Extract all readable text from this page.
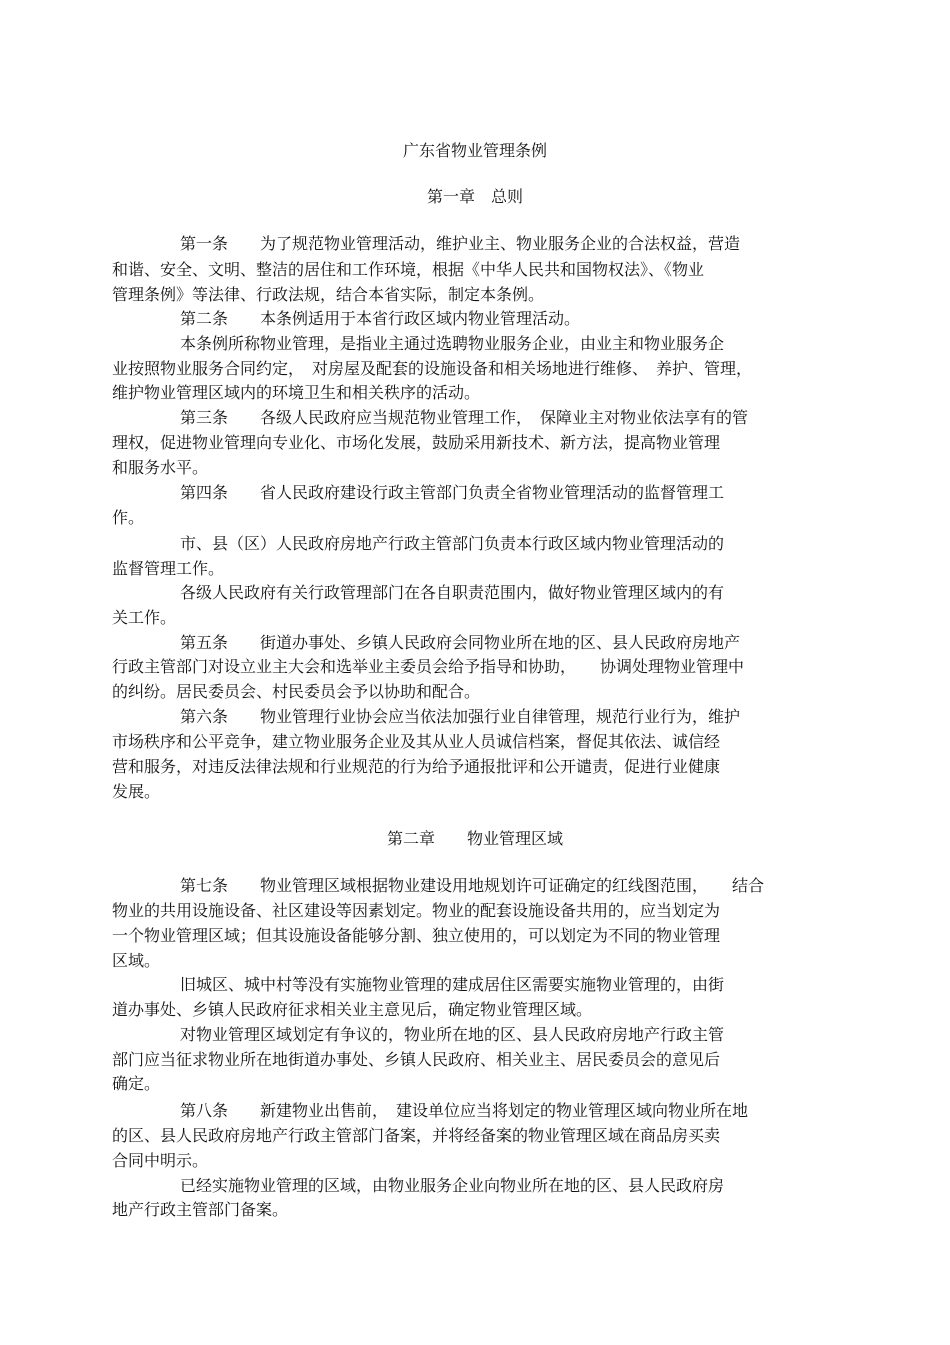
广东省物业管理条例
第一章　总则
第一条　　为了规范物业管理活动，维护业主、物业服务企业的合法权益，营造
和谐、安全、文明、整洁的居住和工作环境，根据《中华人民共和国物权法》、《物业
管理条例》等法律、行政法规，结合本省实际，制定本条例。
第二条　　本条例适用于本省行政区域内物业管理活动。
本条例所称物业管理，是指业主通过选聘物业服务企业，由业主和物业服务企
业按照物业服务合同约定，　对房屋及配套的设施设备和相关场地进行维修、　养护、管理，
维护物业管理区域内的环境卫生和相关秩序的活动。
第三条　　各级人民政府应当规范物业管理工作，　保障业主对物业依法享有的管
理权，促进物业管理向专业化、市场化发展，鼓励采用新技术、新方法，提高物业管理
和服务水平。
第四条　　省人民政府建设行政主管部门负责全省物业管理活动的监督管理工
作。
市、县（区）人民政府房地产行政主管部门负责本行政区域内物业管理活动的
监督管理工作。
各级人民政府有关行政管理部门在各自职责范围内，做好物业管理区域内的有
关工作。
第五条　　街道办事处、乡镇人民政府会同物业所在地的区、县人民政府房地产
行政主管部门对设立业主大会和选举业主委员会给予指导和协助，　　协调处理物业管理中
的纠纷。居民委员会、村民委员会予以协助和配合。
第六条　　物业管理行业协会应当依法加强行业自律管理，规范行业行为，维护
市场秩序和公平竞争，建立物业服务企业及其从业人员诚信档案，督促其依法、诚信经
营和服务，对违反法律法规和行业规范的行为给予通报批评和公开谴责，促进行业健康
发展。
第二章　　物业管理区域
第七条　　物业管理区域根据物业建设用地规划许可证确定的红线图范围，　　结合
物业的共用设施设备、社区建设等因素划定。物业的配套设施设备共用的，应当划定为
一个物业管理区域；但其设施设备能够分割、独立使用的，可以划定为不同的物业管理
区域。
旧城区、城中村等没有实施物业管理的建成居住区需要实施物业管理的，由街
道办事处、乡镇人民政府征求相关业主意见后，确定物业管理区域。
对物业管理区域划定有争议的，物业所在地的区、县人民政府房地产行政主管
部门应当征求物业所在地街道办事处、乡镇人民政府、相关业主、居民委员会的意见后
确定。
第八条　　新建物业出售前，　建设单位应当将划定的物业管理区域向物业所在地
的区、县人民政府房地产行政主管部门备案，并将经备案的物业管理区域在商品房买卖
合同中明示。
已经实施物业管理的区域，由物业服务企业向物业所在地的区、县人民政府房
地产行政主管部门备案。
